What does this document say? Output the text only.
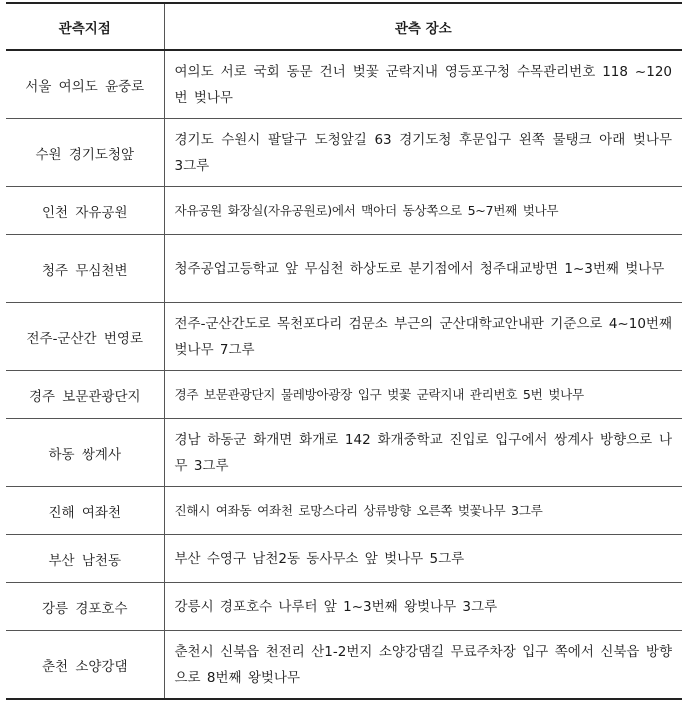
관측지점	관측 장소
서울 여의도 윤중로	여의도 서로 국회 동문 건너 벚꽃 군락지내 영등포구청 수목관리번호 118 ~120번 벚나무
수원 경기도청앞	경기도 수원시 팔달구 도청앞길 63 경기도청 후문입구 왼쪽 물탱크 아래 벚나무 3그루
인천 자유공원	자유공원 화장실(자유공원로)에서 맥아더 동상쪽으로 5~7번째 벚나무
청주 무심천변	청주공업고등학교 앞 무심천 하상도로 분기점에서 청주대교방면 1~3번째 벚나무
전주-군산간 번영로	전주-군산간도로 목천포다리 검문소 부근의 군산대학교안내판 기준으로 4~10번째 벚나무 7그루
경주 보문관광단지	경주 보문관광단지 물레방아광장 입구 벚꽃 군락지내 관리번호 5번 벚나무
하동 쌍계사	경남 하동군 화개면 화개로 142 화개중학교 진입로 입구에서 쌍계사 방향으로 나무 3그루
진해 여좌천	진해시 여좌동 여좌천 로망스다리 상류방향 오른쪽 벚꽃나무 3그루
부산 남천동	부산 수영구 남천2동 동사무소 앞 벚나무 5그루
강릉 경포호수	강릉시 경포호수 나루터 앞 1~3번째 왕벚나무 3그루
춘천 소양강댐	춘천시 신북읍 천전리 산1-2번지 소양강댐길 무료주차장 입구 쪽에서 신북읍 방향으로 8번째 왕벚나무
